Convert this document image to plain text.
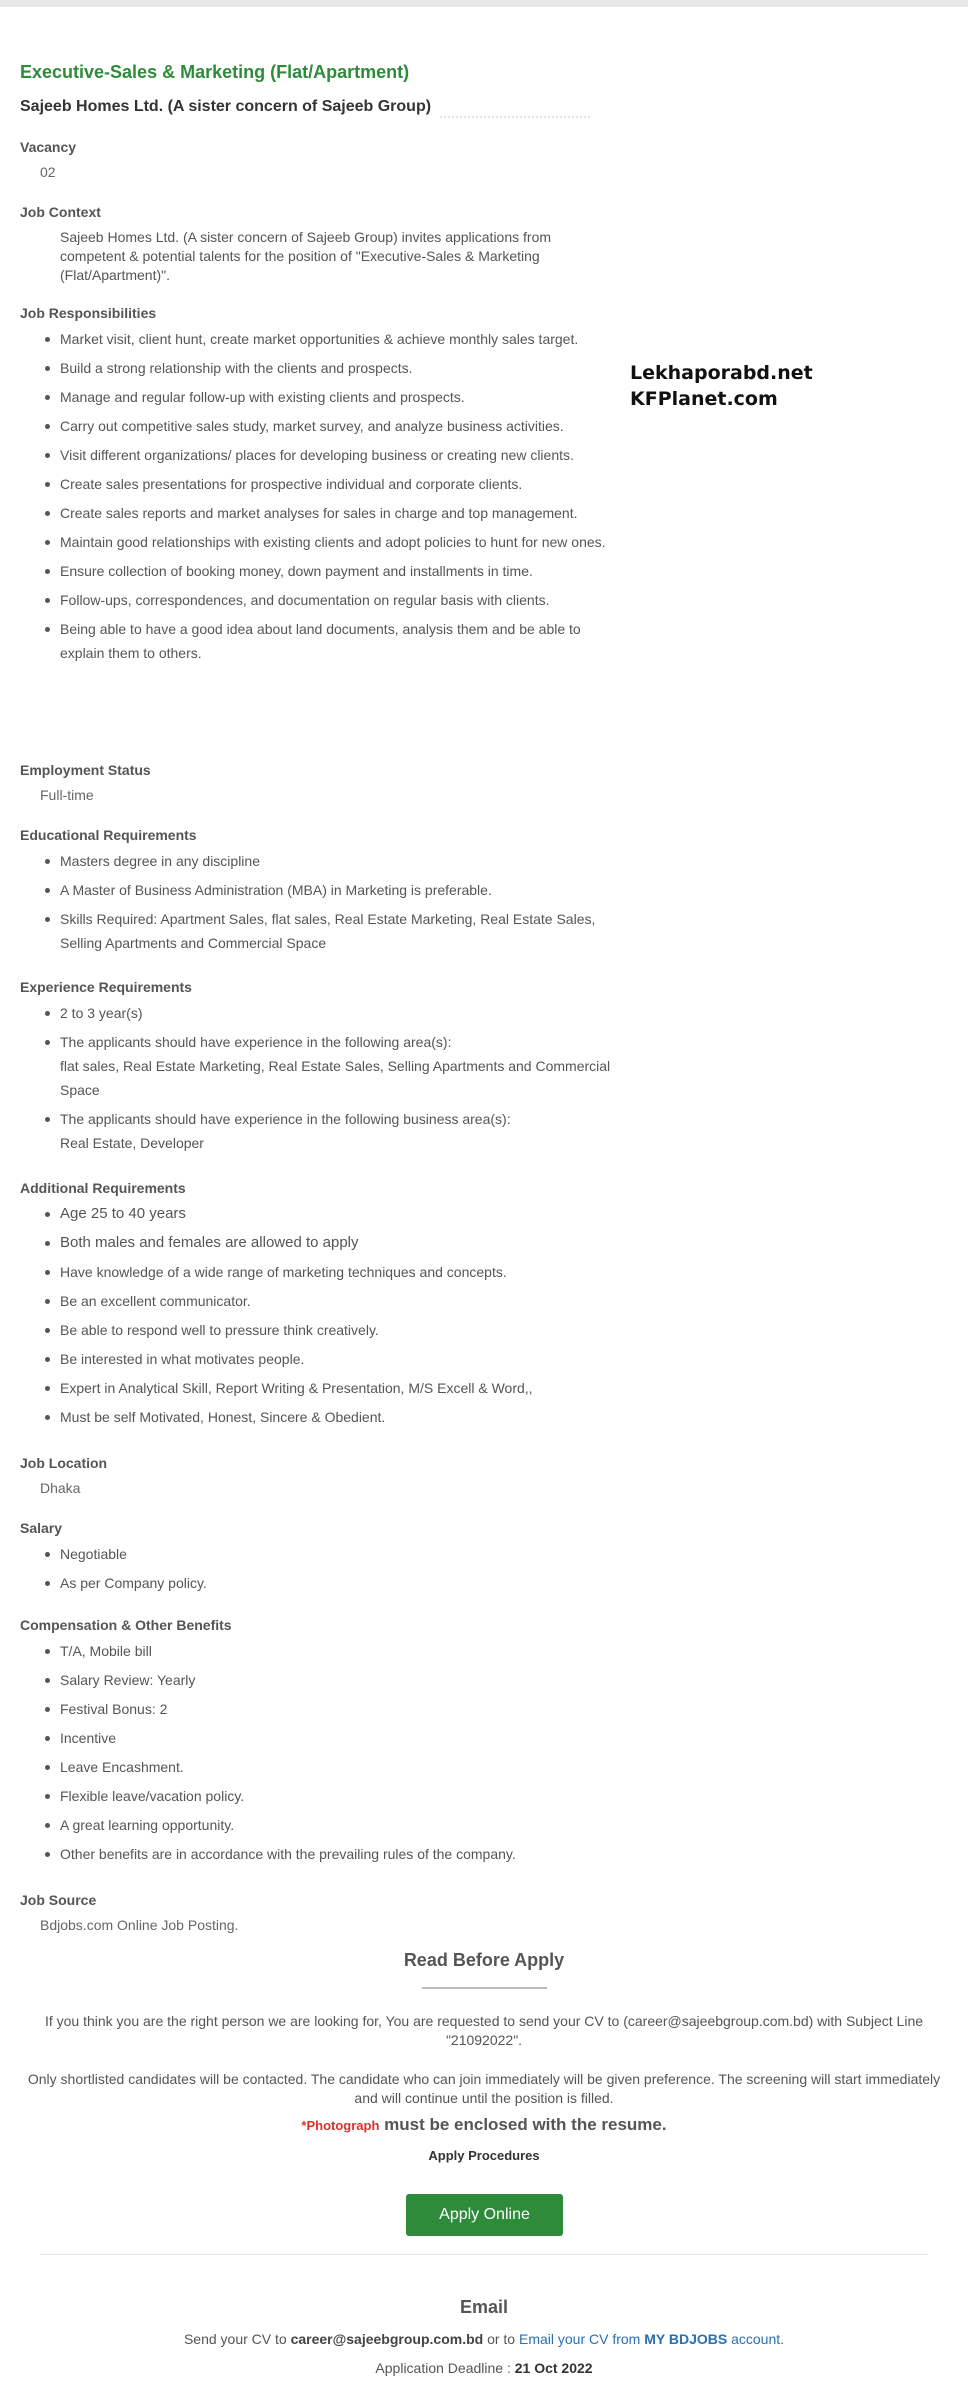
Executive-Sales & Marketing (Flat/Apartment)
Sajeeb Homes Ltd. (A sister concern of Sajeeb Group)
Lekhaporabd.net
KFPlanet.com
Vacancy
02
Job Context

Sajeeb Homes Ltd. (A sister concern of Sajeeb Group) invites applications from competent & potential talents for the position of "Executive-Sales & Marketing (Flat/Apartment)".

Job Responsibilities
Market visit, client hunt, create market opportunities & achieve monthly sales target.
Build a strong relationship with the clients and prospects.
Manage and regular follow-up with existing clients and prospects.
Carry out competitive sales study, market survey, and analyze business activities.
Visit different organizations/ places for developing business or creating new clients.
Create sales presentations for prospective individual and corporate clients.
Create sales reports and market analyses for sales in charge and top management.
Maintain good relationships with existing clients and adopt policies to hunt for new ones.
Ensure collection of booking money, down payment and installments in time.
Follow-ups, correspondences, and documentation on regular basis with clients.
Being able to have a good idea about land documents, analysis them and be able to explain them to others.
Employment Status
Full-time
Educational Requirements
Masters degree in any discipline
A Master of Business Administration (MBA) in Marketing is preferable.
Skills Required: Apartment Sales, flat sales, Real Estate Marketing, Real Estate Sales, Selling Apartments and Commercial Space
Experience Requirements
2 to 3 year(s)
The applicants should have experience in the following area(s):
flat sales, Real Estate Marketing, Real Estate Sales, Selling Apartments and Commercial Space
The applicants should have experience in the following business area(s):
Real Estate, Developer
Additional Requirements
Age 25 to 40 years
Both males and females are allowed to apply
Have knowledge of a wide range of marketing techniques and concepts.
Be an excellent communicator.
Be able to respond well to pressure think creatively.
Be interested in what motivates people.
Expert in Analytical Skill, Report Writing & Presentation, M/S Excell & Word,,
Must be self Motivated, Honest, Sincere & Obedient.
Job Location
Dhaka
Salary
Negotiable
As per Company policy.
Compensation & Other Benefits
T/A, Mobile bill
Salary Review: Yearly
Festival Bonus: 2
Incentive
Leave Encashment.
Flexible leave/vacation policy.
A great learning opportunity.
Other benefits are in accordance with the prevailing rules of the company.
Job Source
Bdjobs.com Online Job Posting.
Read Before Apply
If you think you are the right person we are looking for, You are requested to send your CV to (career@sajeebgroup.com.bd) with Subject Line "21092022".
Only shortlisted candidates will be contacted. The candidate who can join immediately will be given preference. The screening will start immediately and will continue until the position is filled.
*Photograph must be enclosed with the resume.
Apply Procedures
Apply Online
Email
Send your CV to career@sajeebgroup.com.bd or to Email your CV from MY BDJOBS account.
Application Deadline : 21 Oct 2022
